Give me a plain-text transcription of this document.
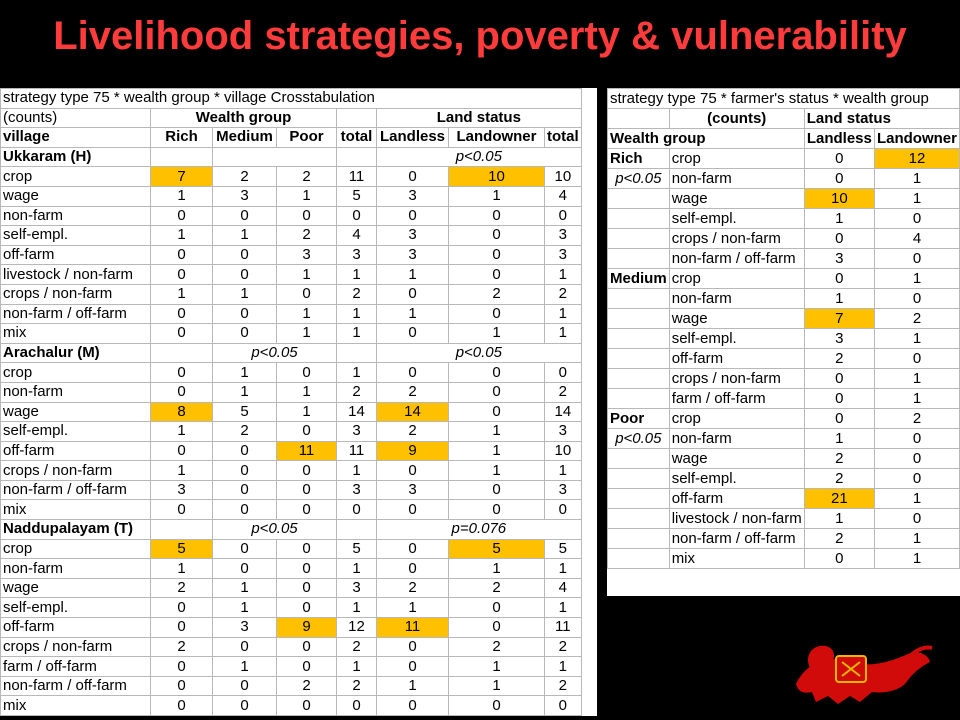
Livelihood strategies, poverty & vulnerability
strategy type 75 * wealth group * village Crosstabulation							
(counts)	Wealth group				Land status		
village	Rich	Medium	Poor	total	Landless	Landowner	total
Ukkaram (H)					p<0.05		
crop	7	2	2	11	0	10	10
wage	1	3	1	5	3	1	4
non-farm	0	0	0	0	0	0	0
self-empl.	1	1	2	4	3	0	3
off-farm	0	0	3	3	3	0	3
livestock / non-farm	0	0	1	1	1	0	1
crops / non-farm	1	1	0	2	0	2	2
non-farm / off-farm	0	0	1	1	1	0	1
mix	0	0	1	1	0	1	1
Arachalur (M)		p<0.05			p<0.05		
crop	0	1	0	1	0	0	0
non-farm	0	1	1	2	2	0	2
wage	8	5	1	14	14	0	14
self-empl.	1	2	0	3	2	1	3
off-farm	0	0	11	11	9	1	10
crops / non-farm	1	0	0	1	0	1	1
non-farm / off-farm	3	0	0	3	3	0	3
mix	0	0	0	0	0	0	0
Naddupalayam (T)		p<0.05			p=0.076		
crop	5	0	0	5	0	5	5
non-farm	1	0	0	1	0	1	1
wage	2	1	0	3	2	2	4
self-empl.	0	1	0	1	1	0	1
off-farm	0	3	9	12	11	0	11
crops / non-farm	2	0	0	2	0	2	2
farm / off-farm	0	1	0	1	0	1	1
non-farm / off-farm	0	0	2	2	1	1	2
mix	0	0	0	0	0	0	0
strategy type 75 * farmer's status * wealth group			
	(counts)	Land status	
Wealth group		Landless	Landowner
Rich	crop	0	12
p<0.05	non-farm	0	1
	wage	10	1
	self-empl.	1	0
	crops / non-farm	0	4
	non-farm / off-farm	3	0
Medium	crop	0	1
	non-farm	1	0
	wage	7	2
	self-empl.	3	1
	off-farm	2	0
	crops / non-farm	0	1
	farm / off-farm	0	1
Poor	crop	0	2
p<0.05	non-farm	1	0
	wage	2	0
	self-empl.	2	0
	off-farm	21	1
	livestock / non-farm	1	0
	non-farm / off-farm	2	1
	mix	0	1
